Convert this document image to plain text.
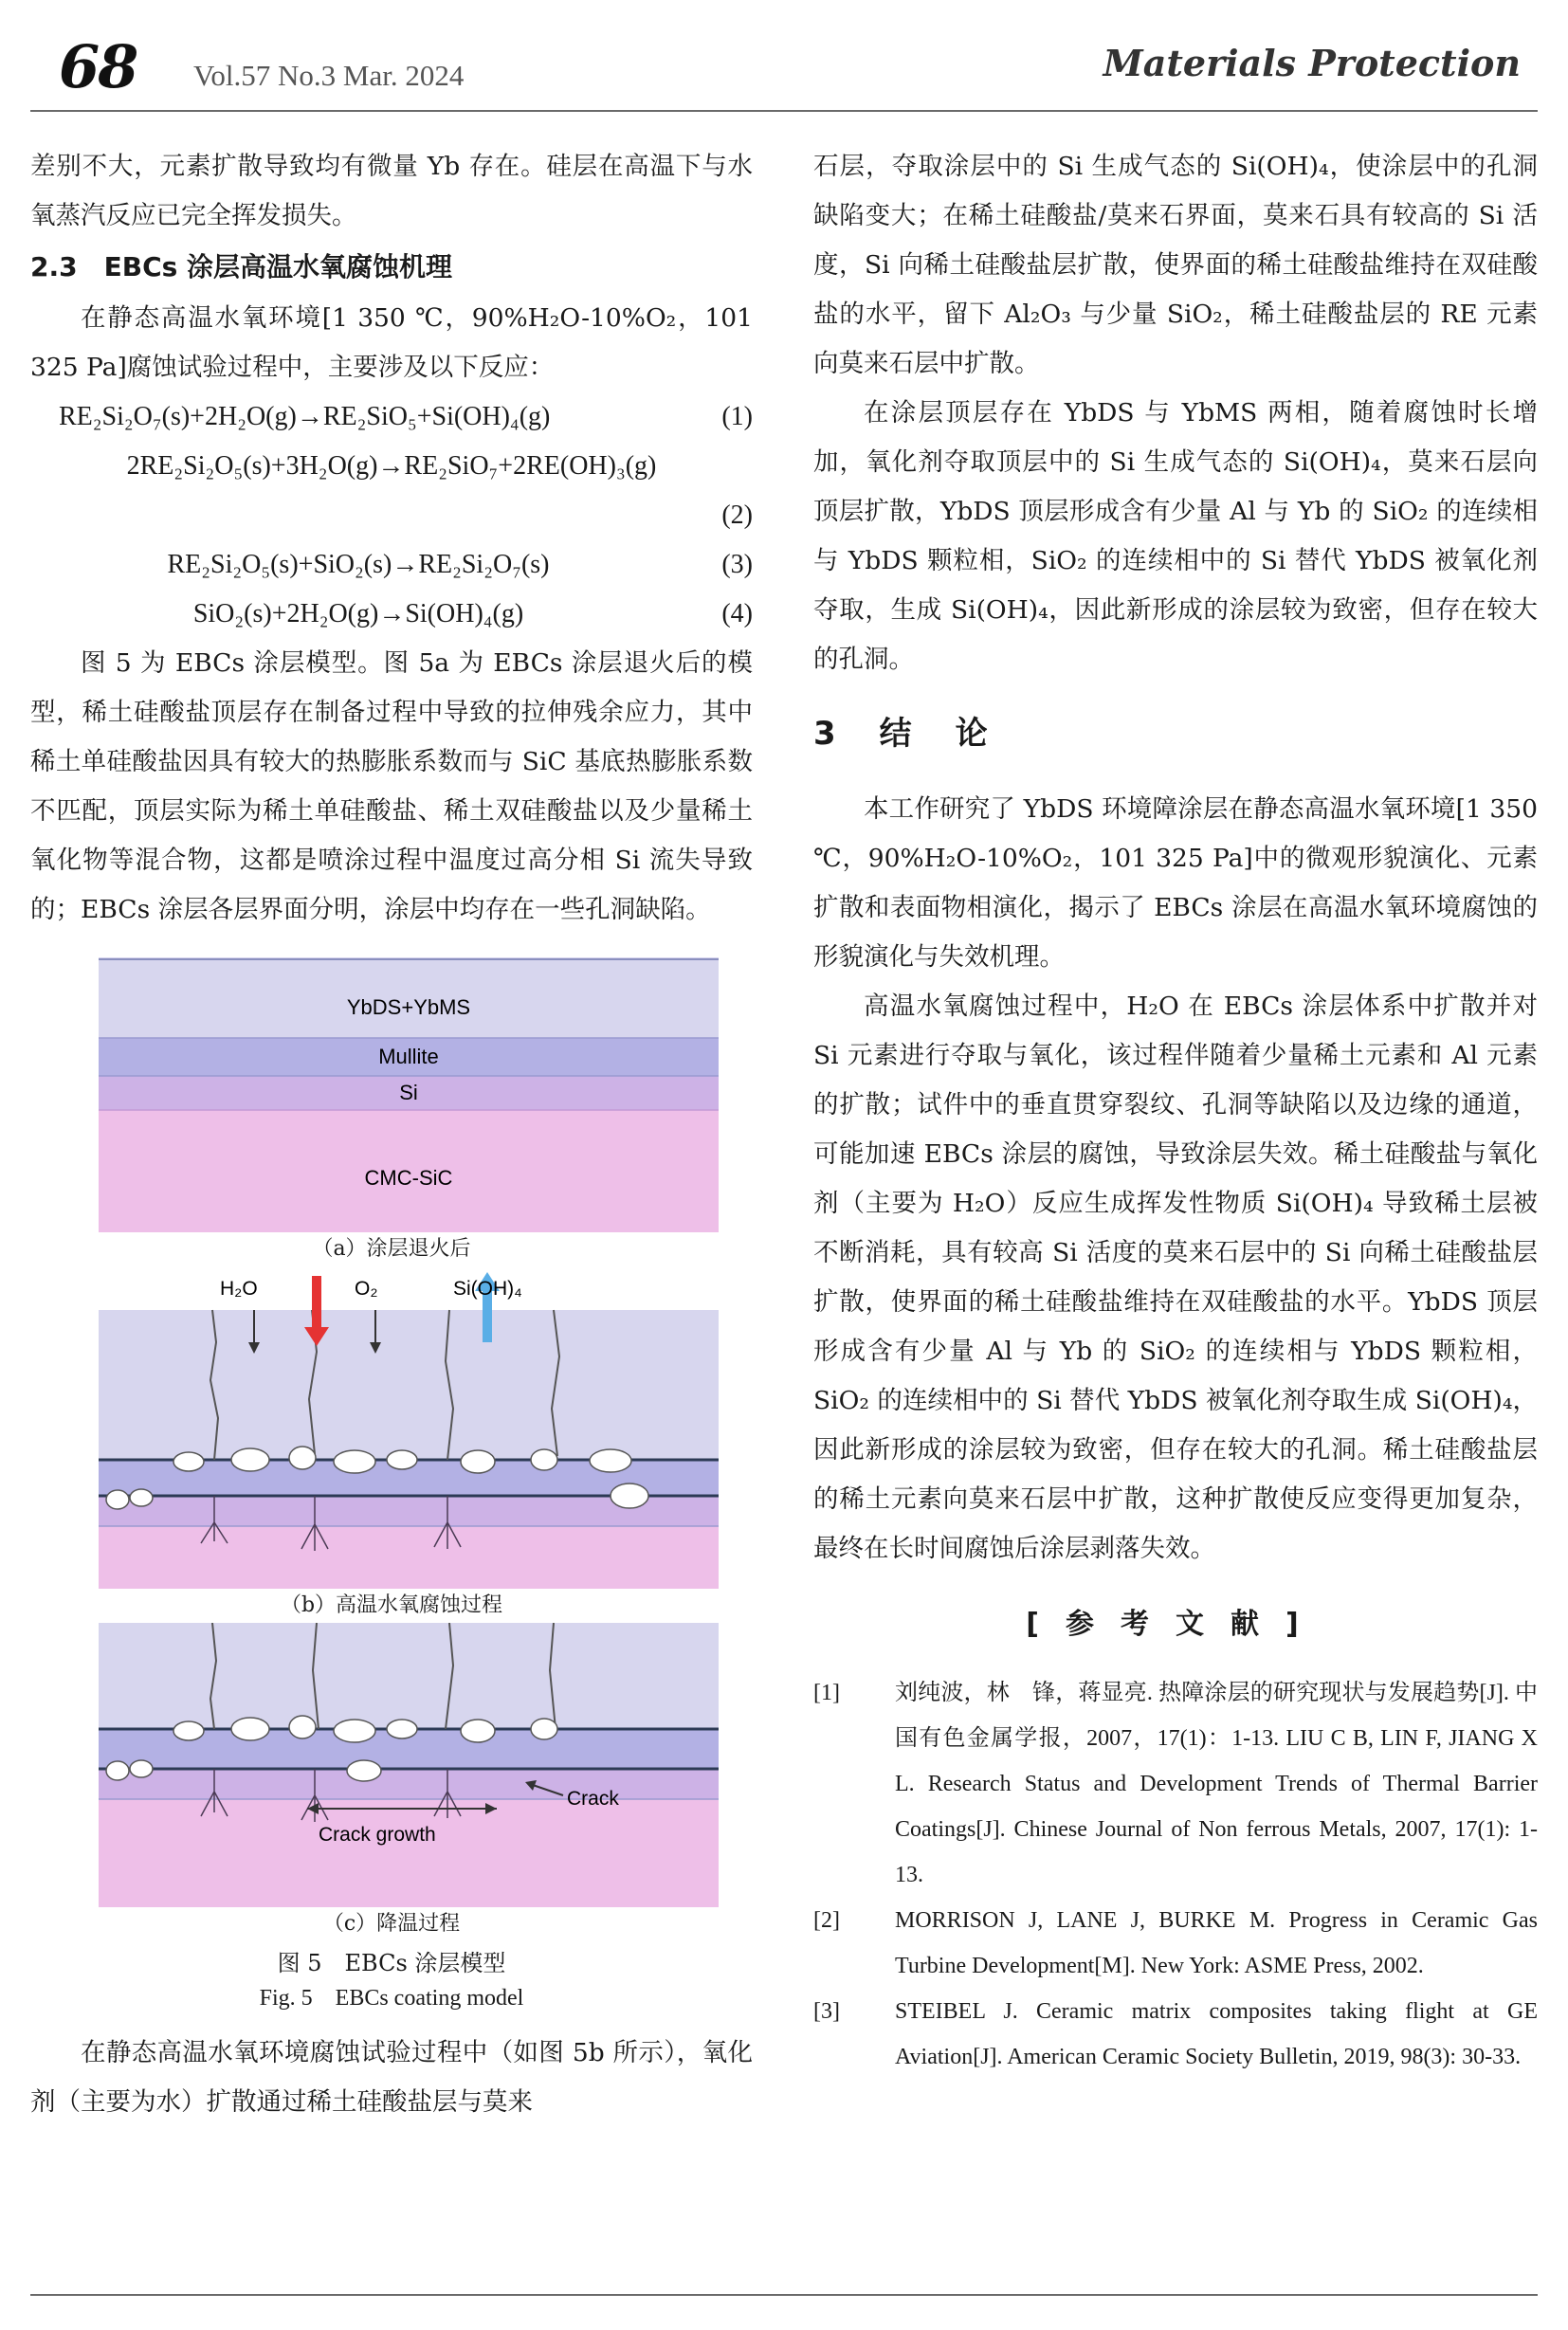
68 Vol.57 No.3 Mar. 2024	Materials Protection

差别不大，元素扩散导致均有微量 Yb 存在。硅层在高温下与水氧蒸汽反应已完全挥发损失。

2.3　EBCs 涂层高温水氧腐蚀机理

在静态高温水氧环境[1 350 ℃，90%H₂O-10%O₂，101 325 Pa]腐蚀试验过程中，主要涉及以下反应：

RE₂Si₂O₇(s)+2H₂O(g)→RE₂SiO₅+Si(OH)₄(g)	(1)
2RE₂Si₂O₅(s)+3H₂O(g)→RE₂SiO₇+2RE(OH)₃(g)
(2)
RE₂Si₂O₅(s)+SiO₂(s)→RE₂Si₂O₇(s)	(3)
SiO₂(s)+2H₂O(g)→Si(OH)₄(g)	(4)

图 5 为 EBCs 涂层模型。图 5a 为 EBCs 涂层退火后的模型，稀土硅酸盐顶层存在制备过程中导致的拉伸残余应力，其中稀土单硅酸盐因具有较大的热膨胀系数而与 SiC 基底热膨胀系数不匹配，顶层实际为稀土单硅酸盐、稀土双硅酸盐以及少量稀土氧化物等混合物，这都是喷涂过程中温度过高分相 Si 流失导致的；EBCs 涂层各层界面分明，涂层中均存在一些孔洞缺陷。

YbDS+YbMS
Mullite
Si
CMC-SiC
（a）涂层退火后
H₂O	O₂	Si(OH)₄
（b）高温水氧腐蚀过程
Crack
Crack growth
（c）降温过程
图 5　EBCs 涂层模型
Fig. 5　EBCs coating model

在静态高温水氧环境腐蚀试验过程中（如图 5b 所示），氧化剂（主要为水）扩散通过稀土硅酸盐层与莫来

石层，夺取涂层中的 Si 生成气态的 Si(OH)₄，使涂层中的孔洞缺陷变大；在稀土硅酸盐/莫来石界面，莫来石具有较高的 Si 活度，Si 向稀土硅酸盐层扩散，使界面的稀土硅酸盐维持在双硅酸盐的水平，留下 Al₂O₃ 与少量 SiO₂，稀土硅酸盐层的 RE 元素向莫来石层中扩散。

在涂层顶层存在 YbDS 与 YbMS 两相，随着腐蚀时长增加，氧化剂夺取顶层中的 Si 生成气态的 Si(OH)₄，莫来石层向顶层扩散，YbDS 顶层形成含有少量 Al 与 Yb 的 SiO₂ 的连续相与 YbDS 颗粒相，SiO₂ 的连续相中的 Si 替代 YbDS 被氧化剂夺取，生成 Si(OH)₄，因此新形成的涂层较为致密，但存在较大的孔洞。

3　结　论

本工作研究了 YbDS 环境障涂层在静态高温水氧环境[1 350 ℃，90%H₂O-10%O₂，101 325 Pa]中的微观形貌演化、元素扩散和表面物相演化，揭示了 EBCs 涂层在高温水氧环境腐蚀的形貌演化与失效机理。

高温水氧腐蚀过程中，H₂O 在 EBCs 涂层体系中扩散并对 Si 元素进行夺取与氧化，该过程伴随着少量稀土元素和 Al 元素的扩散；试件中的垂直贯穿裂纹、孔洞等缺陷以及边缘的通道，可能加速 EBCs 涂层的腐蚀，导致涂层失效。稀土硅酸盐与氧化剂（主要为 H₂O）反应生成挥发性物质 Si(OH)₄ 导致稀土层被不断消耗，具有较高 Si 活度的莫来石层中的 Si 向稀土硅酸盐层扩散，使界面的稀土硅酸盐维持在双硅酸盐的水平。YbDS 顶层形成含有少量 Al 与 Yb 的 SiO₂ 的连续相与 YbDS 颗粒相，SiO₂ 的连续相中的 Si 替代 YbDS 被氧化剂夺取生成 Si(OH)₄，因此新形成的涂层较为致密，但存在较大的孔洞。稀土硅酸盐层的稀土元素向莫来石层中扩散，这种扩散使反应变得更加复杂，最终在长时间腐蚀后涂层剥落失效。

[参考文献]

[1]	刘纯波，林　锋，蒋显亮. 热障涂层的研究现状与发展趋势[J]. 中国有色金属学报，2007，17(1)：1-13. LIU C B, LIN F, JIANG X L. Research Status and Development Trends of Thermal Barrier Coatings[J]. Chinese Journal of Non ferrous Metals, 2007, 17(1): 1-13.
[2]	MORRISON J, LANE J, BURKE M. Progress in Ceramic Gas Turbine Development[M]. New York: ASME Press, 2002.
[3]	STEIBEL J. Ceramic matrix composites taking flight at GE Aviation[J]. American Ceramic Society Bulletin, 2019, 98(3): 30-33.
